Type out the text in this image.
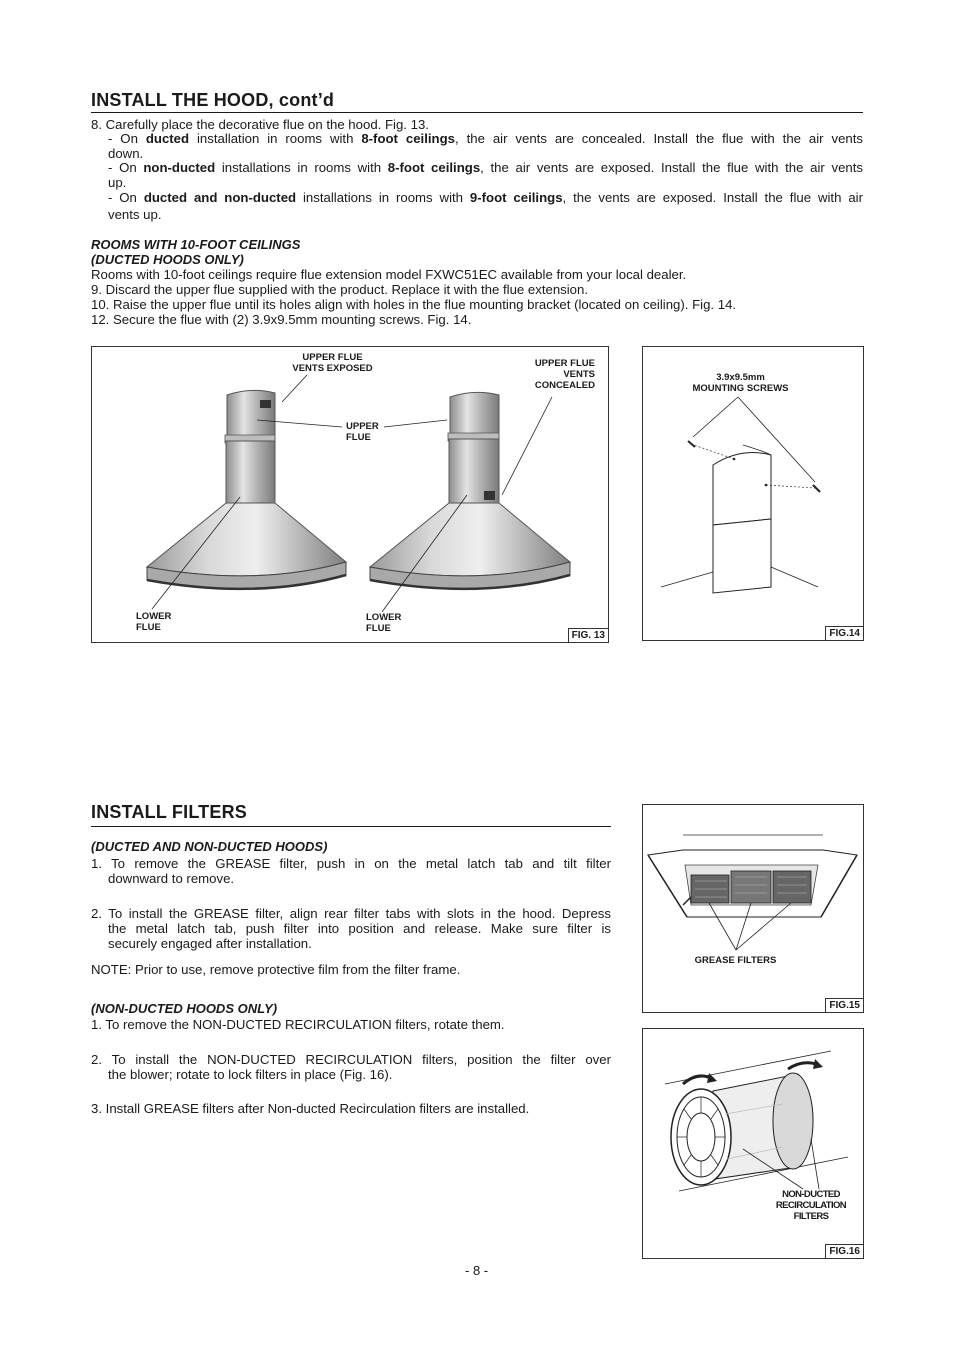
INSTALL THE HOOD, cont’d
8. Carefully place the decorative flue on the hood. Fig. 13.
- On ducted installation in rooms with 8-foot ceilings, the air vents are concealed. Install the flue with the air vents
down.
- On non-ducted installations in rooms with 8-foot ceilings, the air vents are exposed. Install the flue with the air vents
up.
- On ducted and non-ducted installations in rooms with 9-foot ceilings, the vents are exposed. Install the flue with air
vents up.
ROOMS WITH 10-FOOT CEILINGS
(DUCTED HOODS ONLY)
Rooms with 10-foot ceilings require flue extension model FXWC51EC available from your local dealer.
9. Discard the upper flue supplied with the product. Replace it with the flue extension.
10. Raise the upper flue until its holes align with holes in the flue mounting bracket (located on ceiling). Fig. 14.
12. Secure the flue with (2) 3.9x9.5mm mounting screws. Fig. 14.
UPPER FLUE
VENTS EXPOSED	UPPER FLUE
VENTS
CONCEALED
UPPER
FLUE
LOWER
FLUE
LOWER
FLUE
FIG. 13
3.9x9.5mm
MOUNTING SCREWS
FIG.14
INSTALL FILTERS
(DUCTED AND NON-DUCTED HOODS)
1. To remove the GREASE filter, push in on the metal latch tab and tilt filter
downward to remove.
2. To install the GREASE filter, align rear filter tabs with slots in the hood. Depress
the metal latch tab, push filter into position and release. Make sure filter is
securely engaged after installation.
NOTE: Prior to use, remove protective film from the filter frame.
(NON-DUCTED HOODS ONLY)
1. To remove the NON-DUCTED RECIRCULATION filters, rotate them.
2. To install the NON-DUCTED RECIRCULATION filters, position the filter over
the blower; rotate to lock filters in place (Fig. 16).
3. Install GREASE filters after Non-ducted Recirculation filters are installed.
GREASE FILTERS
FIG.15
NON-DUCTED
RECIRCULATION
FILTERS
FIG.16
- 8 -
